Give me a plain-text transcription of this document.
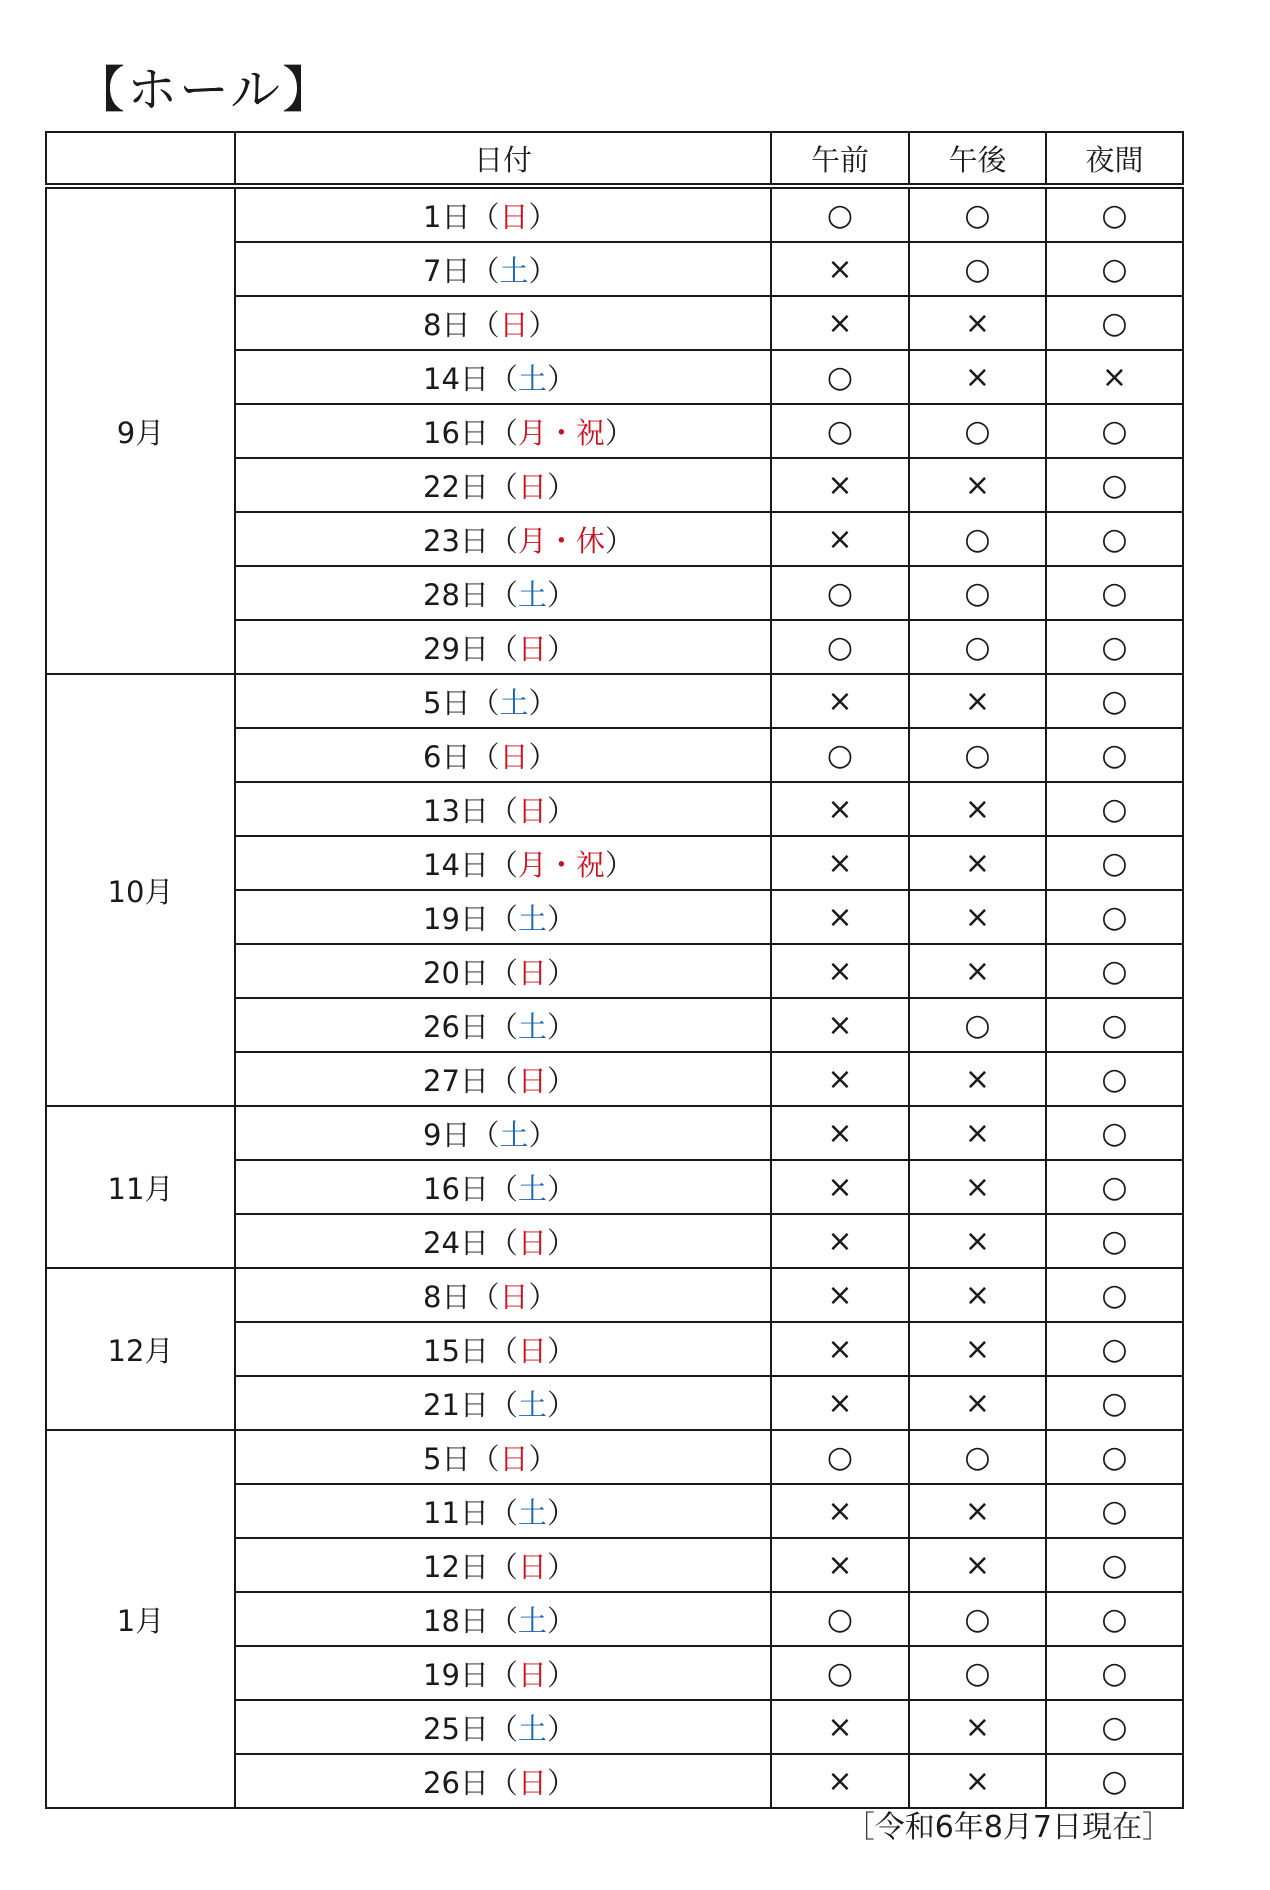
【ホール】
	日付	午前	午後	夜間
9月	1日（日）	○	○	○
	7日（土）	×	○	○
	8日（日）	×	×	○
	14日（土）	○	×	×
	16日（月・祝）	○	○	○
	22日（日）	×	×	○
	23日（月・休）	×	○	○
	28日（土）	○	○	○
	29日（日）	○	○	○
10月	5日（土）	×	×	○
	6日（日）	○	○	○
	13日（日）	×	×	○
	14日（月・祝）	×	×	○
	19日（土）	×	×	○
	20日（日）	×	×	○
	26日（土）	×	○	○
	27日（日）	×	×	○
11月	9日（土）	×	×	○
	16日（土）	×	×	○
	24日（日）	×	×	○
12月	8日（日）	×	×	○
	15日（日）	×	×	○
	21日（土）	×	×	○
1月	5日（日）	○	○	○
	11日（土）	×	×	○
	12日（日）	×	×	○
	18日（土）	○	○	○
	19日（日）	○	○	○
	25日（土）	×	×	○
	26日（日）	×	×	○
［令和6年8月7日現在］
